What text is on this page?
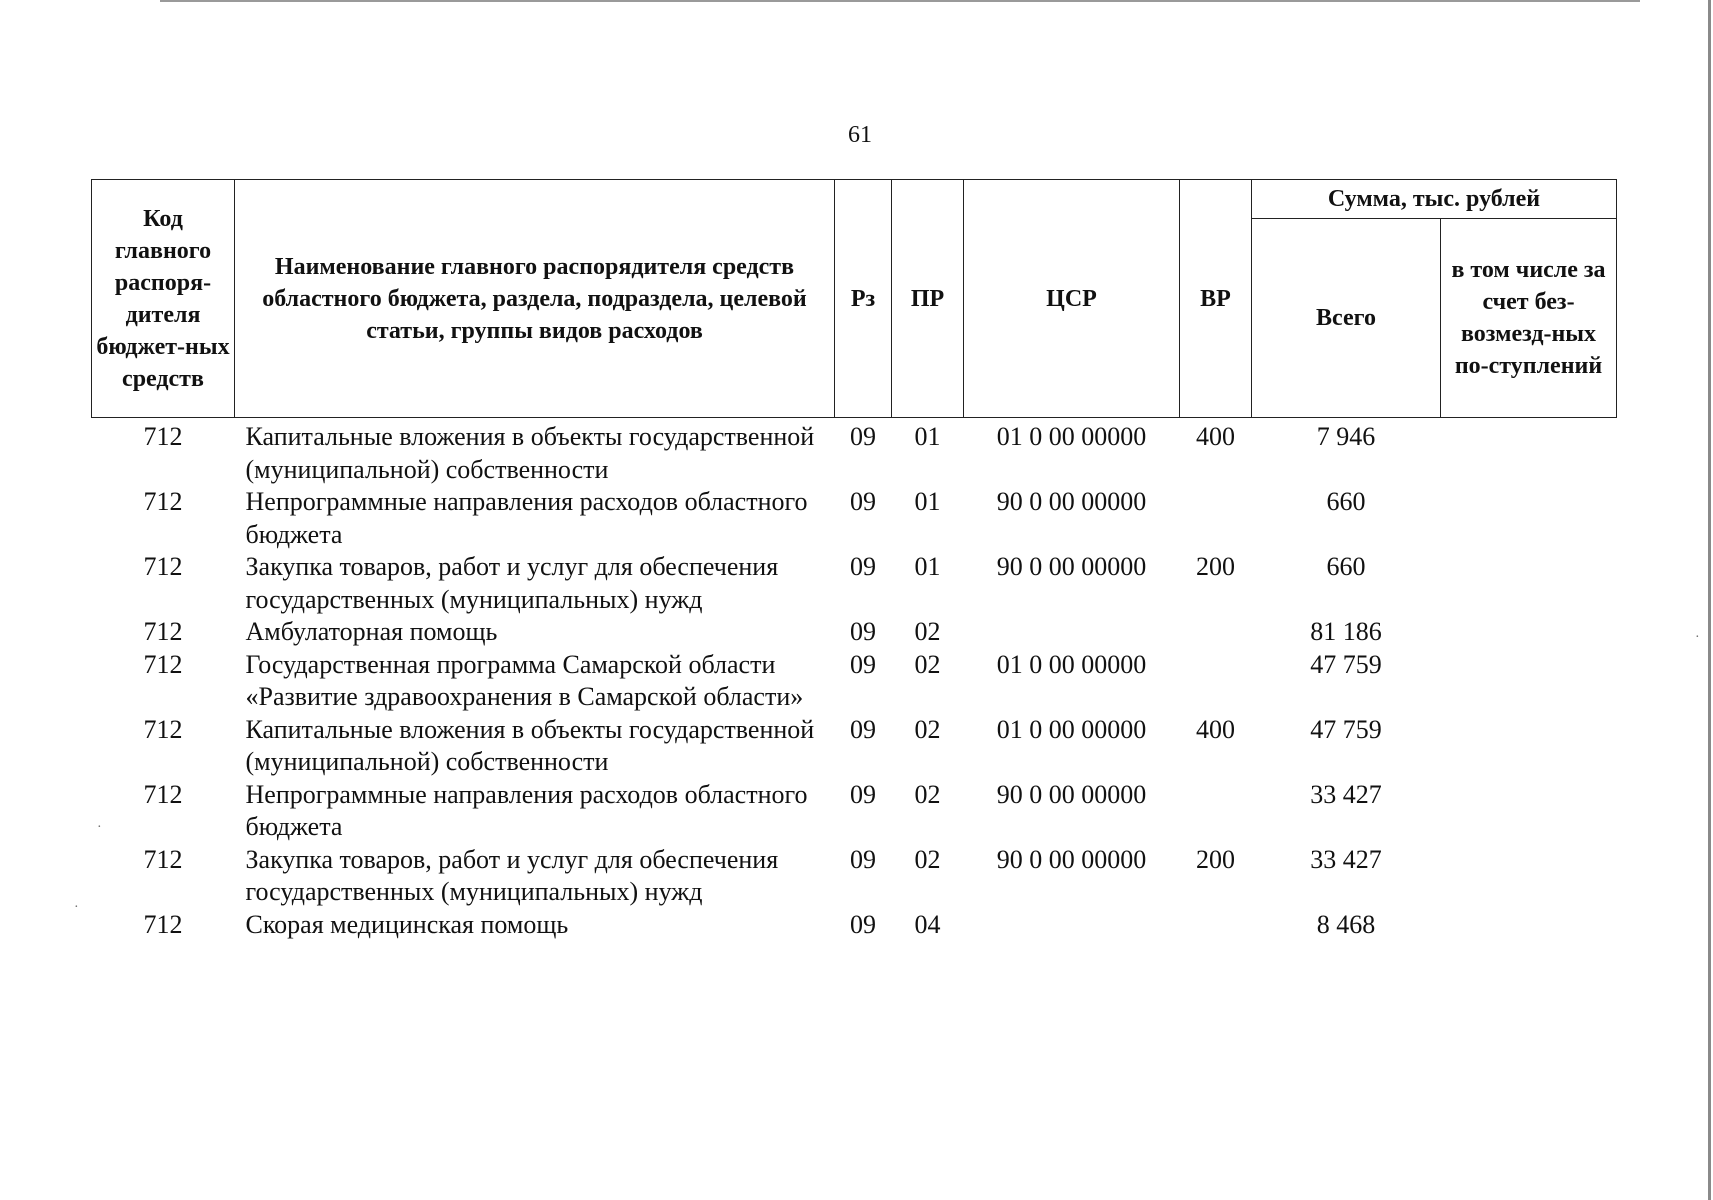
61
Код главного распоря-дителя бюджет-ных средств	Наименование главного распорядителя средств областного бюджета, раздела, подраздела, целевой статьи, группы видов расходов	Рз	ПР	ЦСР	ВР	Сумма, тыс. рублей	
						Всего	в том числе за счет без-возмезд-ных по-ступлений
712	Капитальные вложения в объекты государственной (муниципальной) собственности	09	01	01 0 00 00000	400	7 946	
712	Непрограммные направления расходов областного бюджета	09	01	90 0 00 00000		660	
712	Закупка товаров, работ и услуг для обеспечения государственных (муниципальных) нужд	09	01	90 0 00 00000	200	660	
712	Амбулаторная помощь	09	02			81 186	
712	Государственная программа Самарской области «Развитие здравоохранения в Самарской области»	09	02	01 0 00 00000		47 759	
712	Капитальные вложения в объекты государственной (муниципальной) собственности	09	02	01 0 00 00000	400	47 759	
712	Непрограммные направления расходов областного бюджета	09	02	90 0 00 00000		33 427	
712	Закупка товаров, работ и услуг для обеспечения государственных (муниципальных) нужд	09	02	90 0 00 00000	200	33 427	
712	Скорая медицинская помощь	09	04			8 468	
·
·
·
